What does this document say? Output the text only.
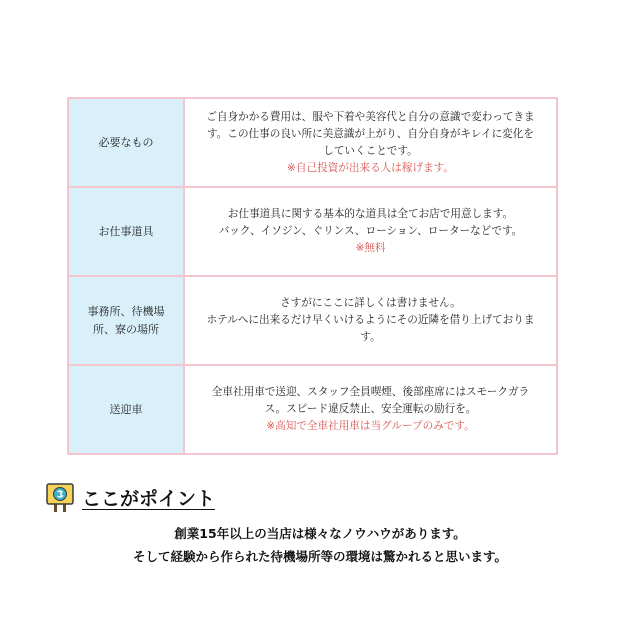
必要なもの
ご自身かかる費用は、服や下着や美容代と自分の意識で変わってきま
す。この仕事の良い所に美意識が上がり、自分自身がキレイに変化を
していくことです。
※自己投資が出来る人は稼げます。
お仕事道具
お仕事道具に関する基本的な道具は全てお店で用意します。
バック、イソジン、ぐリンス、ローション、ローターなどです。
※無料
事務所、待機場所、寮の場所
さすがにここに詳しくは書けません。
ホテルへに出来るだけ早くいけるようにその近隣を借り上げておりま
す。
送迎車
全車社用車で送迎、スタッフ全員喫煙、後部座席にはスモークガラ
ス。スピード違反禁止、安全運転の励行を。
※高知で全車社用車は当グループのみです。
ここがポイント
創業15年以上の当店は様々なノウハウがあります。
そして経験から作られた待機場所等の環境は驚かれると思います。
